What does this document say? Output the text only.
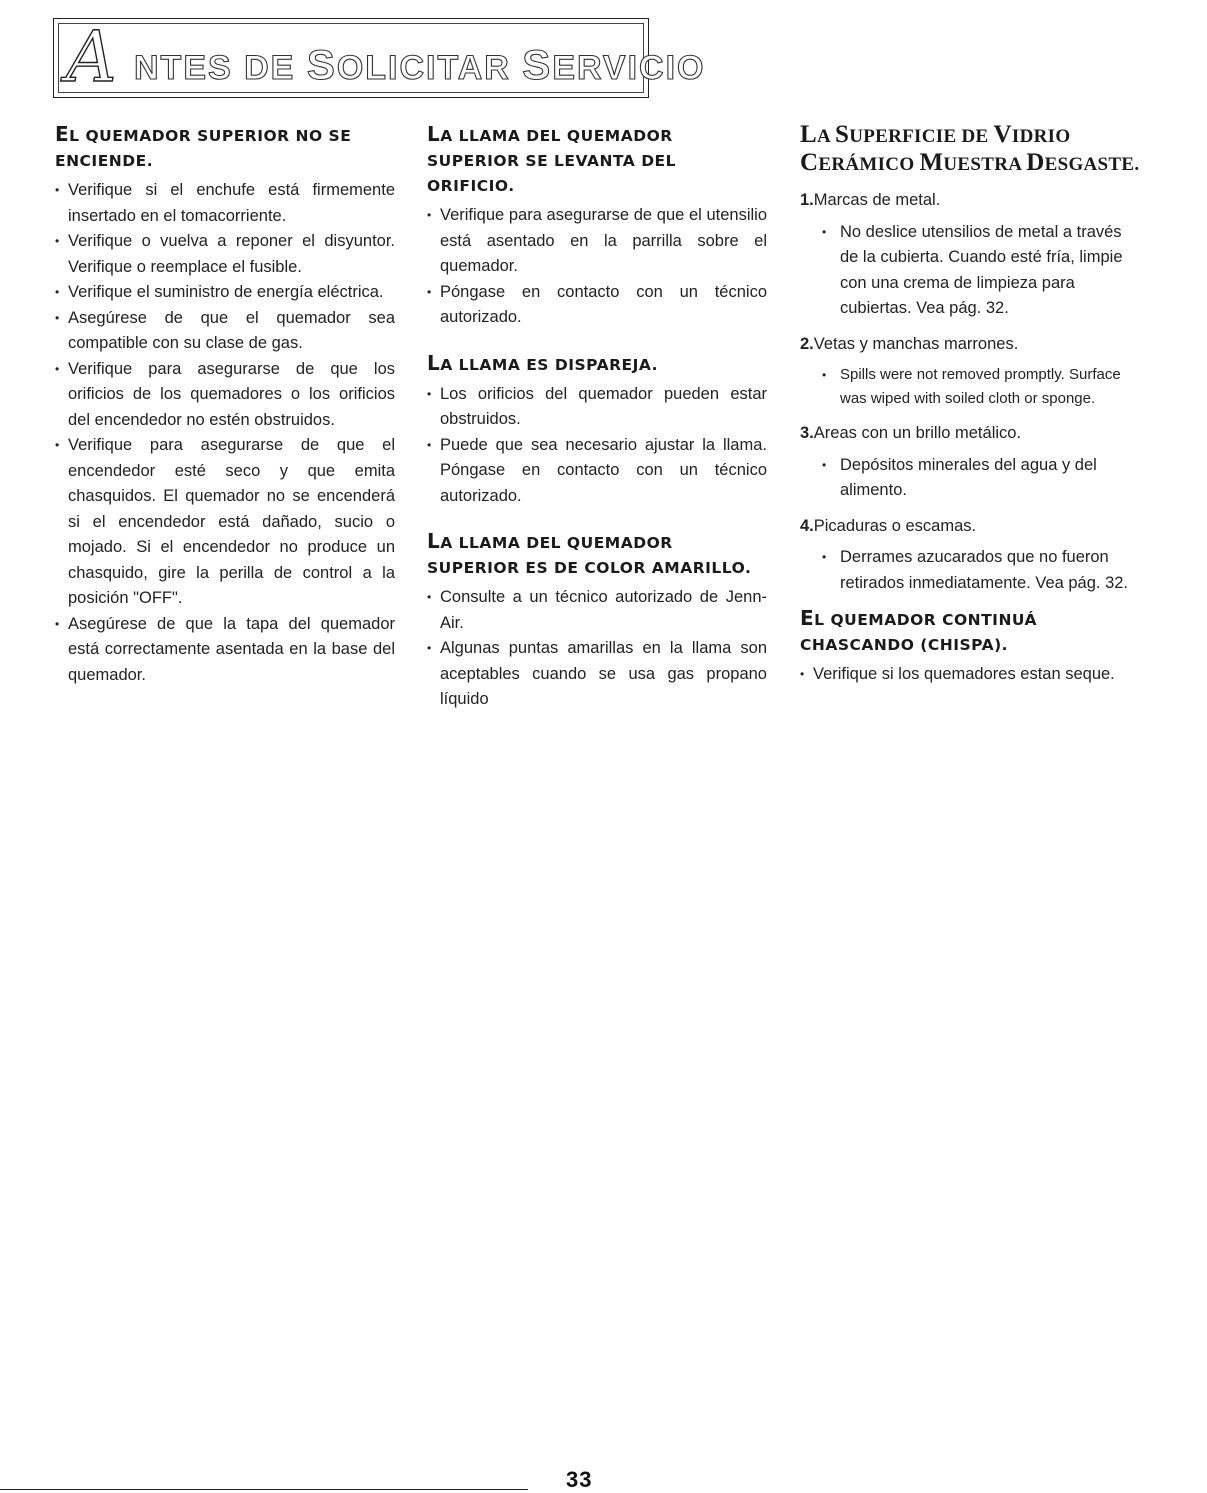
A NTES DE SOLICITAR SERVICIO
EL QUEMADOR SUPERIOR NO SE ENCIENDE.
• Verifique si el enchufe está firmemente insertado en el tomacorriente.
• Verifique o vuelva a reponer el disyuntor. Verifique o reemplace el fusible.
• Verifique el suministro de energía eléctrica.
• Asegúrese de que el quemador sea compatible con su clase de gas.
• Verifique para asegurarse de que los orificios de los quemadores o los orificios del encendedor no estén obstruidos.
• Verifique para asegurarse de que el encendedor esté seco y que emita chasquidos. El quemador no se encenderá si el encendedor está dañado, sucio o mojado. Si el encendedor no produce un chasquido, gire la perilla de control a la posición "OFF".
• Asegúrese de que la tapa del quemador está correctamente asentada en la base del quemador.
LA LLAMA DEL QUEMADOR SUPERIOR SE LEVANTA DEL ORIFICIO.
• Verifique para asegurarse de que el utensilio está asentado en la parrilla sobre el quemador.
• Póngase en contacto con un técnico autorizado.
LA LLAMA ES DISPAREJA.
• Los orificios del quemador pueden estar obstruidos.
• Puede que sea necesario ajustar la llama. Póngase en contacto con un técnico autorizado.
LA LLAMA DEL QUEMADOR SUPERIOR ES DE COLOR AMARILLO.
• Consulte a un técnico autorizado de Jenn-Air.
• Algunas puntas amarillas en la llama son aceptables cuando se usa gas propano líquido
LA SUPERFICIE DE VIDRIO CERÁMICO MUESTRA DESGASTE.

1.Marcas de metal.

• No deslice utensilios de metal a través de la cubierta. Cuando esté fría, limpie con una crema de limpieza para cubiertas. Vea pág. 32.

2.Vetas y manchas marrones.

• Spills were not removed promptly. Surface was wiped with soiled cloth or sponge.

3.Areas con un brillo metálico.

• Depósitos minerales del agua y del alimento.

4.Picaduras o escamas.

• Derrames azucarados que no fueron retirados inmediatamente. Vea pág. 32.
EL QUEMADOR CONTINUÁ CHASCANDO (CHISPA).
• Verifique si los quemadores estan seque.
33
